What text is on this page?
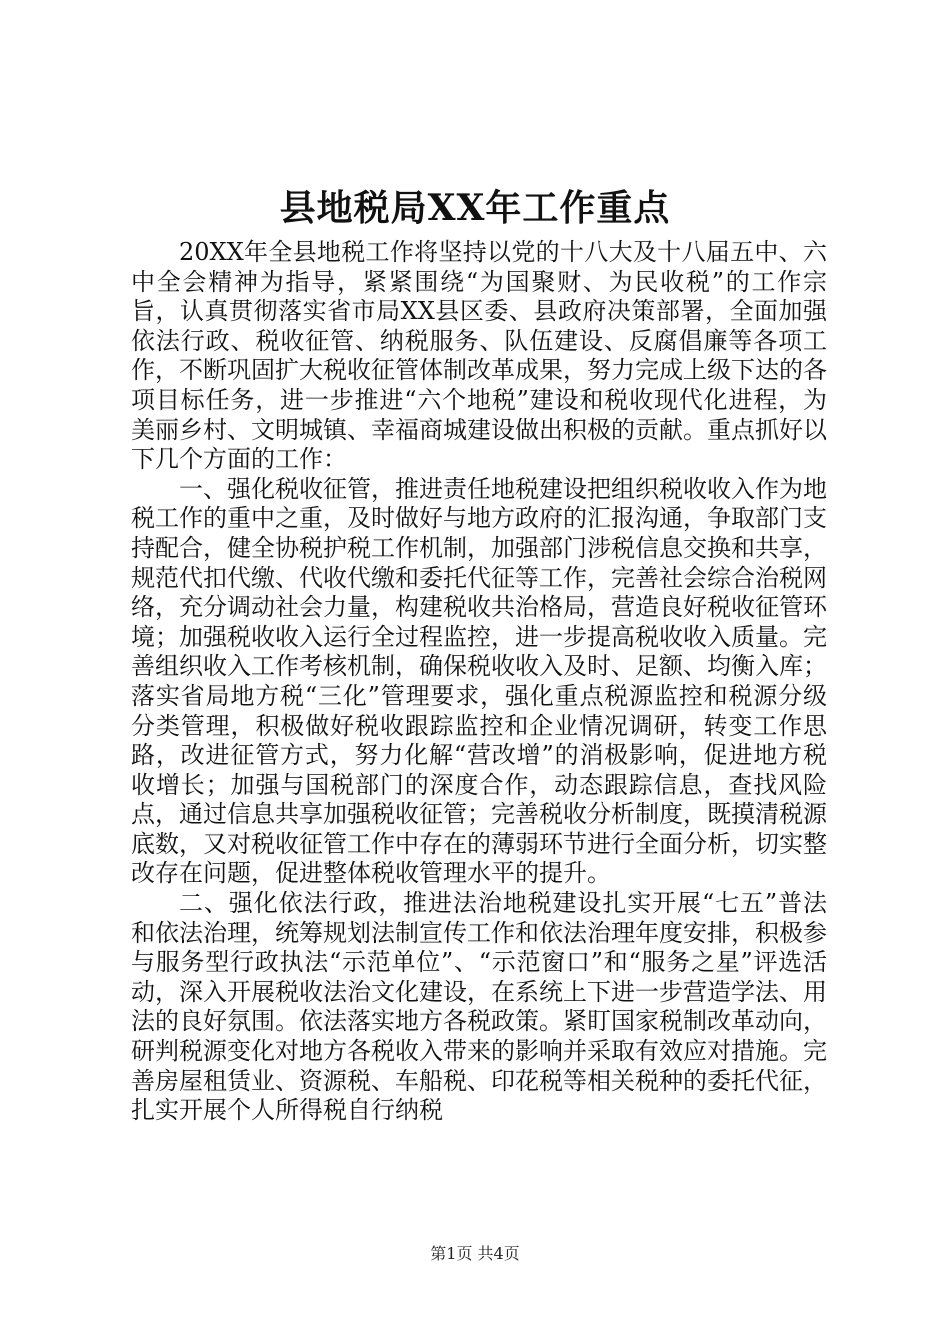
县地税局XX年工作重点

20XX年全县地税工作将坚持以党的十八大及十八届五中、六中全会精神为指导，紧紧围绕“为国聚财、为民收税”的工作宗旨，认真贯彻落实省市局XX县区委、县政府决策部署，全面加强依法行政、税收征管、纳税服务、队伍建设、反腐倡廉等各项工作，不断巩固扩大税收征管体制改革成果，努力完成上级下达的各项目标任务，进一步推进“六个地税”建设和税收现代化进程，为美丽乡村、文明城镇、幸福商城建设做出积极的贡献。重点抓好以下几个方面的工作：

一、强化税收征管，推进责任地税建设把组织税收收入作为地税工作的重中之重，及时做好与地方政府的汇报沟通，争取部门支持配合，健全协税护税工作机制，加强部门涉税信息交换和共享，规范代扣代缴、代收代缴和委托代征等工作，完善社会综合治税网络，充分调动社会力量，构建税收共治格局，营造良好税收征管环境；加强税收收入运行全过程监控，进一步提高税收收入质量。完善组织收入工作考核机制，确保税收收入及时、足额、均衡入库；落实省局地方税“三化”管理要求，强化重点税源监控和税源分级分类管理，积极做好税收跟踪监控和企业情况调研，转变工作思路，改进征管方式，努力化解“营改增”的消极影响，促进地方税收增长；加强与国税部门的深度合作，动态跟踪信息，查找风险点，通过信息共享加强税收征管；完善税收分析制度，既摸清税源底数，又对税收征管工作中存在的薄弱环节进行全面分析，切实整改存在问题，促进整体税收管理水平的提升。

二、强化依法行政，推进法治地税建设扎实开展“七五”普法和依法治理，统筹规划法制宣传工作和依法治理年度安排，积极参与服务型行政执法“示范单位”、“示范窗口”和“服务之星”评选活动，深入开展税收法治文化建设，在系统上下进一步营造学法、用法的良好氛围。依法落实地方各税政策。紧盯国家税制改革动向，研判税源变化对地方各税收入带来的影响并采取有效应对措施。完善房屋租赁业、资源税、车船税、印花税等相关税种的委托代征，扎实开展个人所得税自行纳税

第1页 共4页
